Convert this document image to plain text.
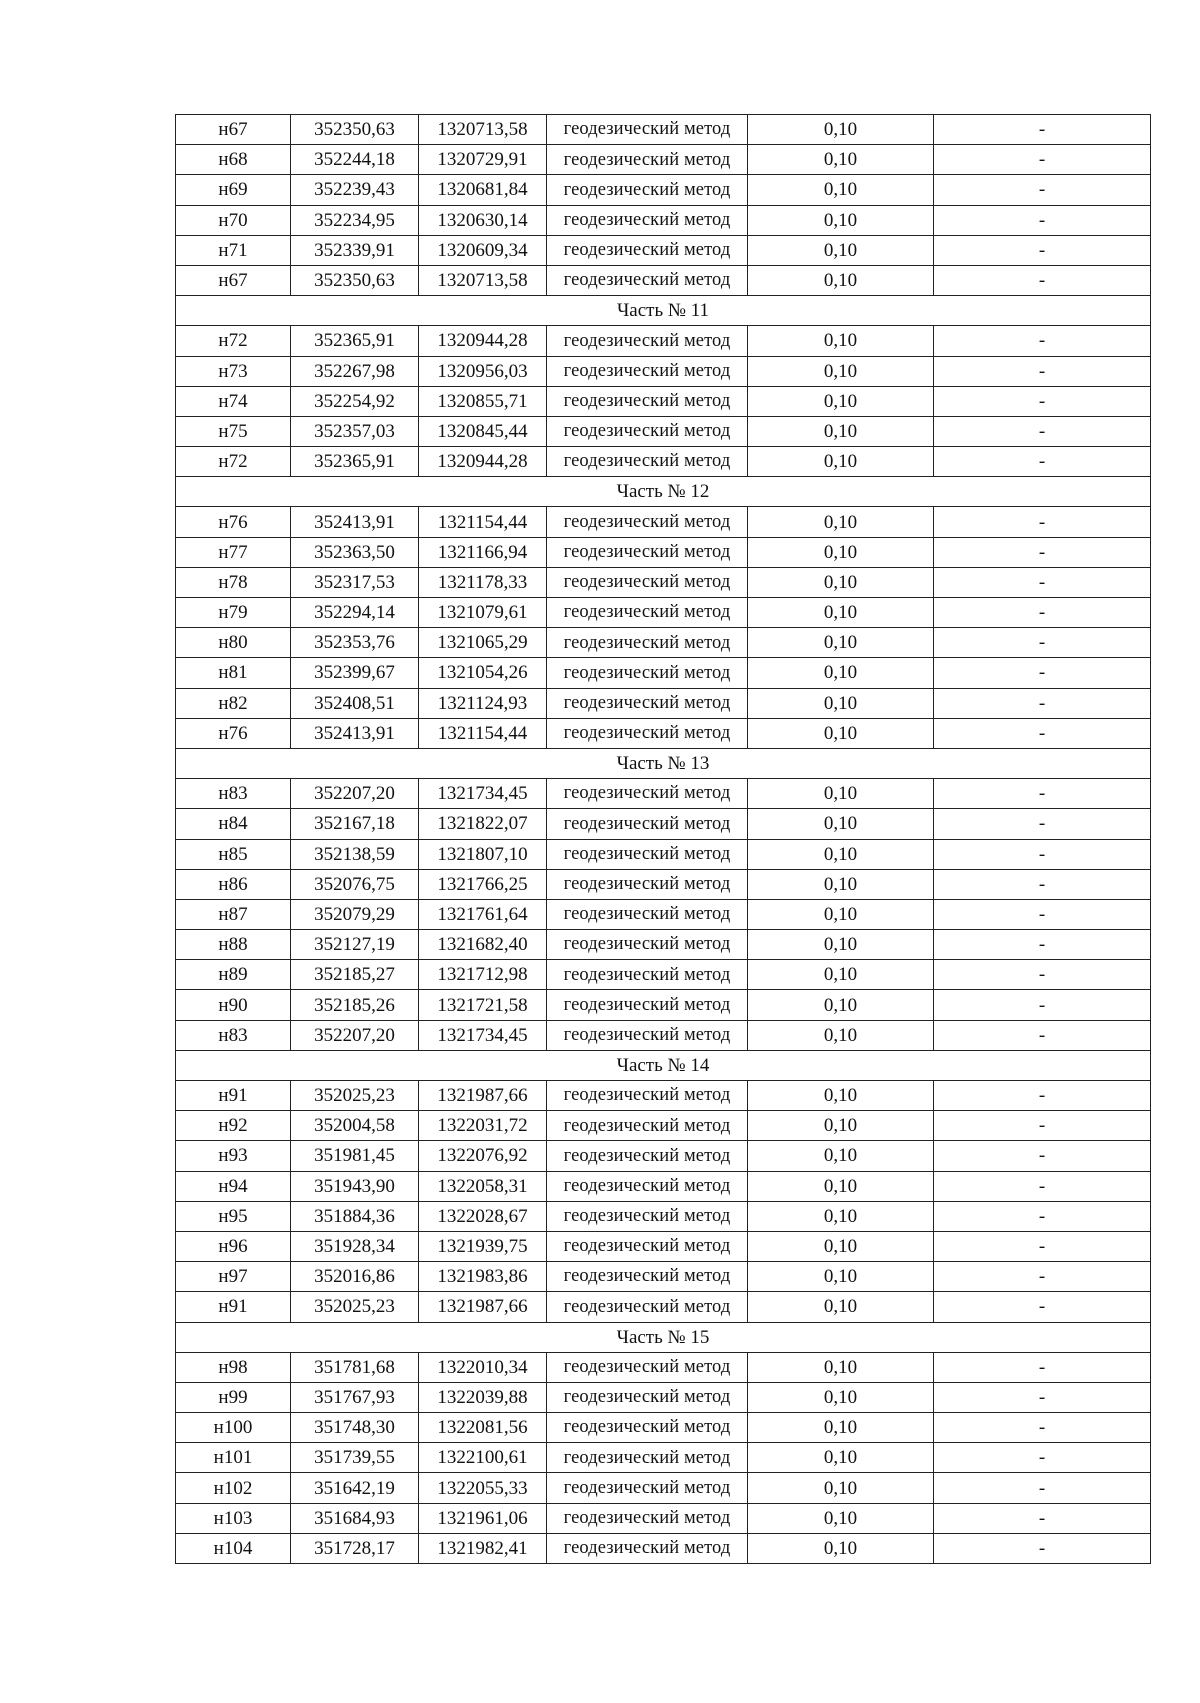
н67	352350,63	1320713,58	геодезический метод	0,10	-
н68	352244,18	1320729,91	геодезический метод	0,10	-
н69	352239,43	1320681,84	геодезический метод	0,10	-
н70	352234,95	1320630,14	геодезический метод	0,10	-
н71	352339,91	1320609,34	геодезический метод	0,10	-
н67	352350,63	1320713,58	геодезический метод	0,10	-
Часть № 11					
н72	352365,91	1320944,28	геодезический метод	0,10	-
н73	352267,98	1320956,03	геодезический метод	0,10	-
н74	352254,92	1320855,71	геодезический метод	0,10	-
н75	352357,03	1320845,44	геодезический метод	0,10	-
н72	352365,91	1320944,28	геодезический метод	0,10	-
Часть № 12					
н76	352413,91	1321154,44	геодезический метод	0,10	-
н77	352363,50	1321166,94	геодезический метод	0,10	-
н78	352317,53	1321178,33	геодезический метод	0,10	-
н79	352294,14	1321079,61	геодезический метод	0,10	-
н80	352353,76	1321065,29	геодезический метод	0,10	-
н81	352399,67	1321054,26	геодезический метод	0,10	-
н82	352408,51	1321124,93	геодезический метод	0,10	-
н76	352413,91	1321154,44	геодезический метод	0,10	-
Часть № 13					
н83	352207,20	1321734,45	геодезический метод	0,10	-
н84	352167,18	1321822,07	геодезический метод	0,10	-
н85	352138,59	1321807,10	геодезический метод	0,10	-
н86	352076,75	1321766,25	геодезический метод	0,10	-
н87	352079,29	1321761,64	геодезический метод	0,10	-
н88	352127,19	1321682,40	геодезический метод	0,10	-
н89	352185,27	1321712,98	геодезический метод	0,10	-
н90	352185,26	1321721,58	геодезический метод	0,10	-
н83	352207,20	1321734,45	геодезический метод	0,10	-
Часть № 14					
н91	352025,23	1321987,66	геодезический метод	0,10	-
н92	352004,58	1322031,72	геодезический метод	0,10	-
н93	351981,45	1322076,92	геодезический метод	0,10	-
н94	351943,90	1322058,31	геодезический метод	0,10	-
н95	351884,36	1322028,67	геодезический метод	0,10	-
н96	351928,34	1321939,75	геодезический метод	0,10	-
н97	352016,86	1321983,86	геодезический метод	0,10	-
н91	352025,23	1321987,66	геодезический метод	0,10	-
Часть № 15					
н98	351781,68	1322010,34	геодезический метод	0,10	-
н99	351767,93	1322039,88	геодезический метод	0,10	-
н100	351748,30	1322081,56	геодезический метод	0,10	-
н101	351739,55	1322100,61	геодезический метод	0,10	-
н102	351642,19	1322055,33	геодезический метод	0,10	-
н103	351684,93	1321961,06	геодезический метод	0,10	-
н104	351728,17	1321982,41	геодезический метод	0,10	-
